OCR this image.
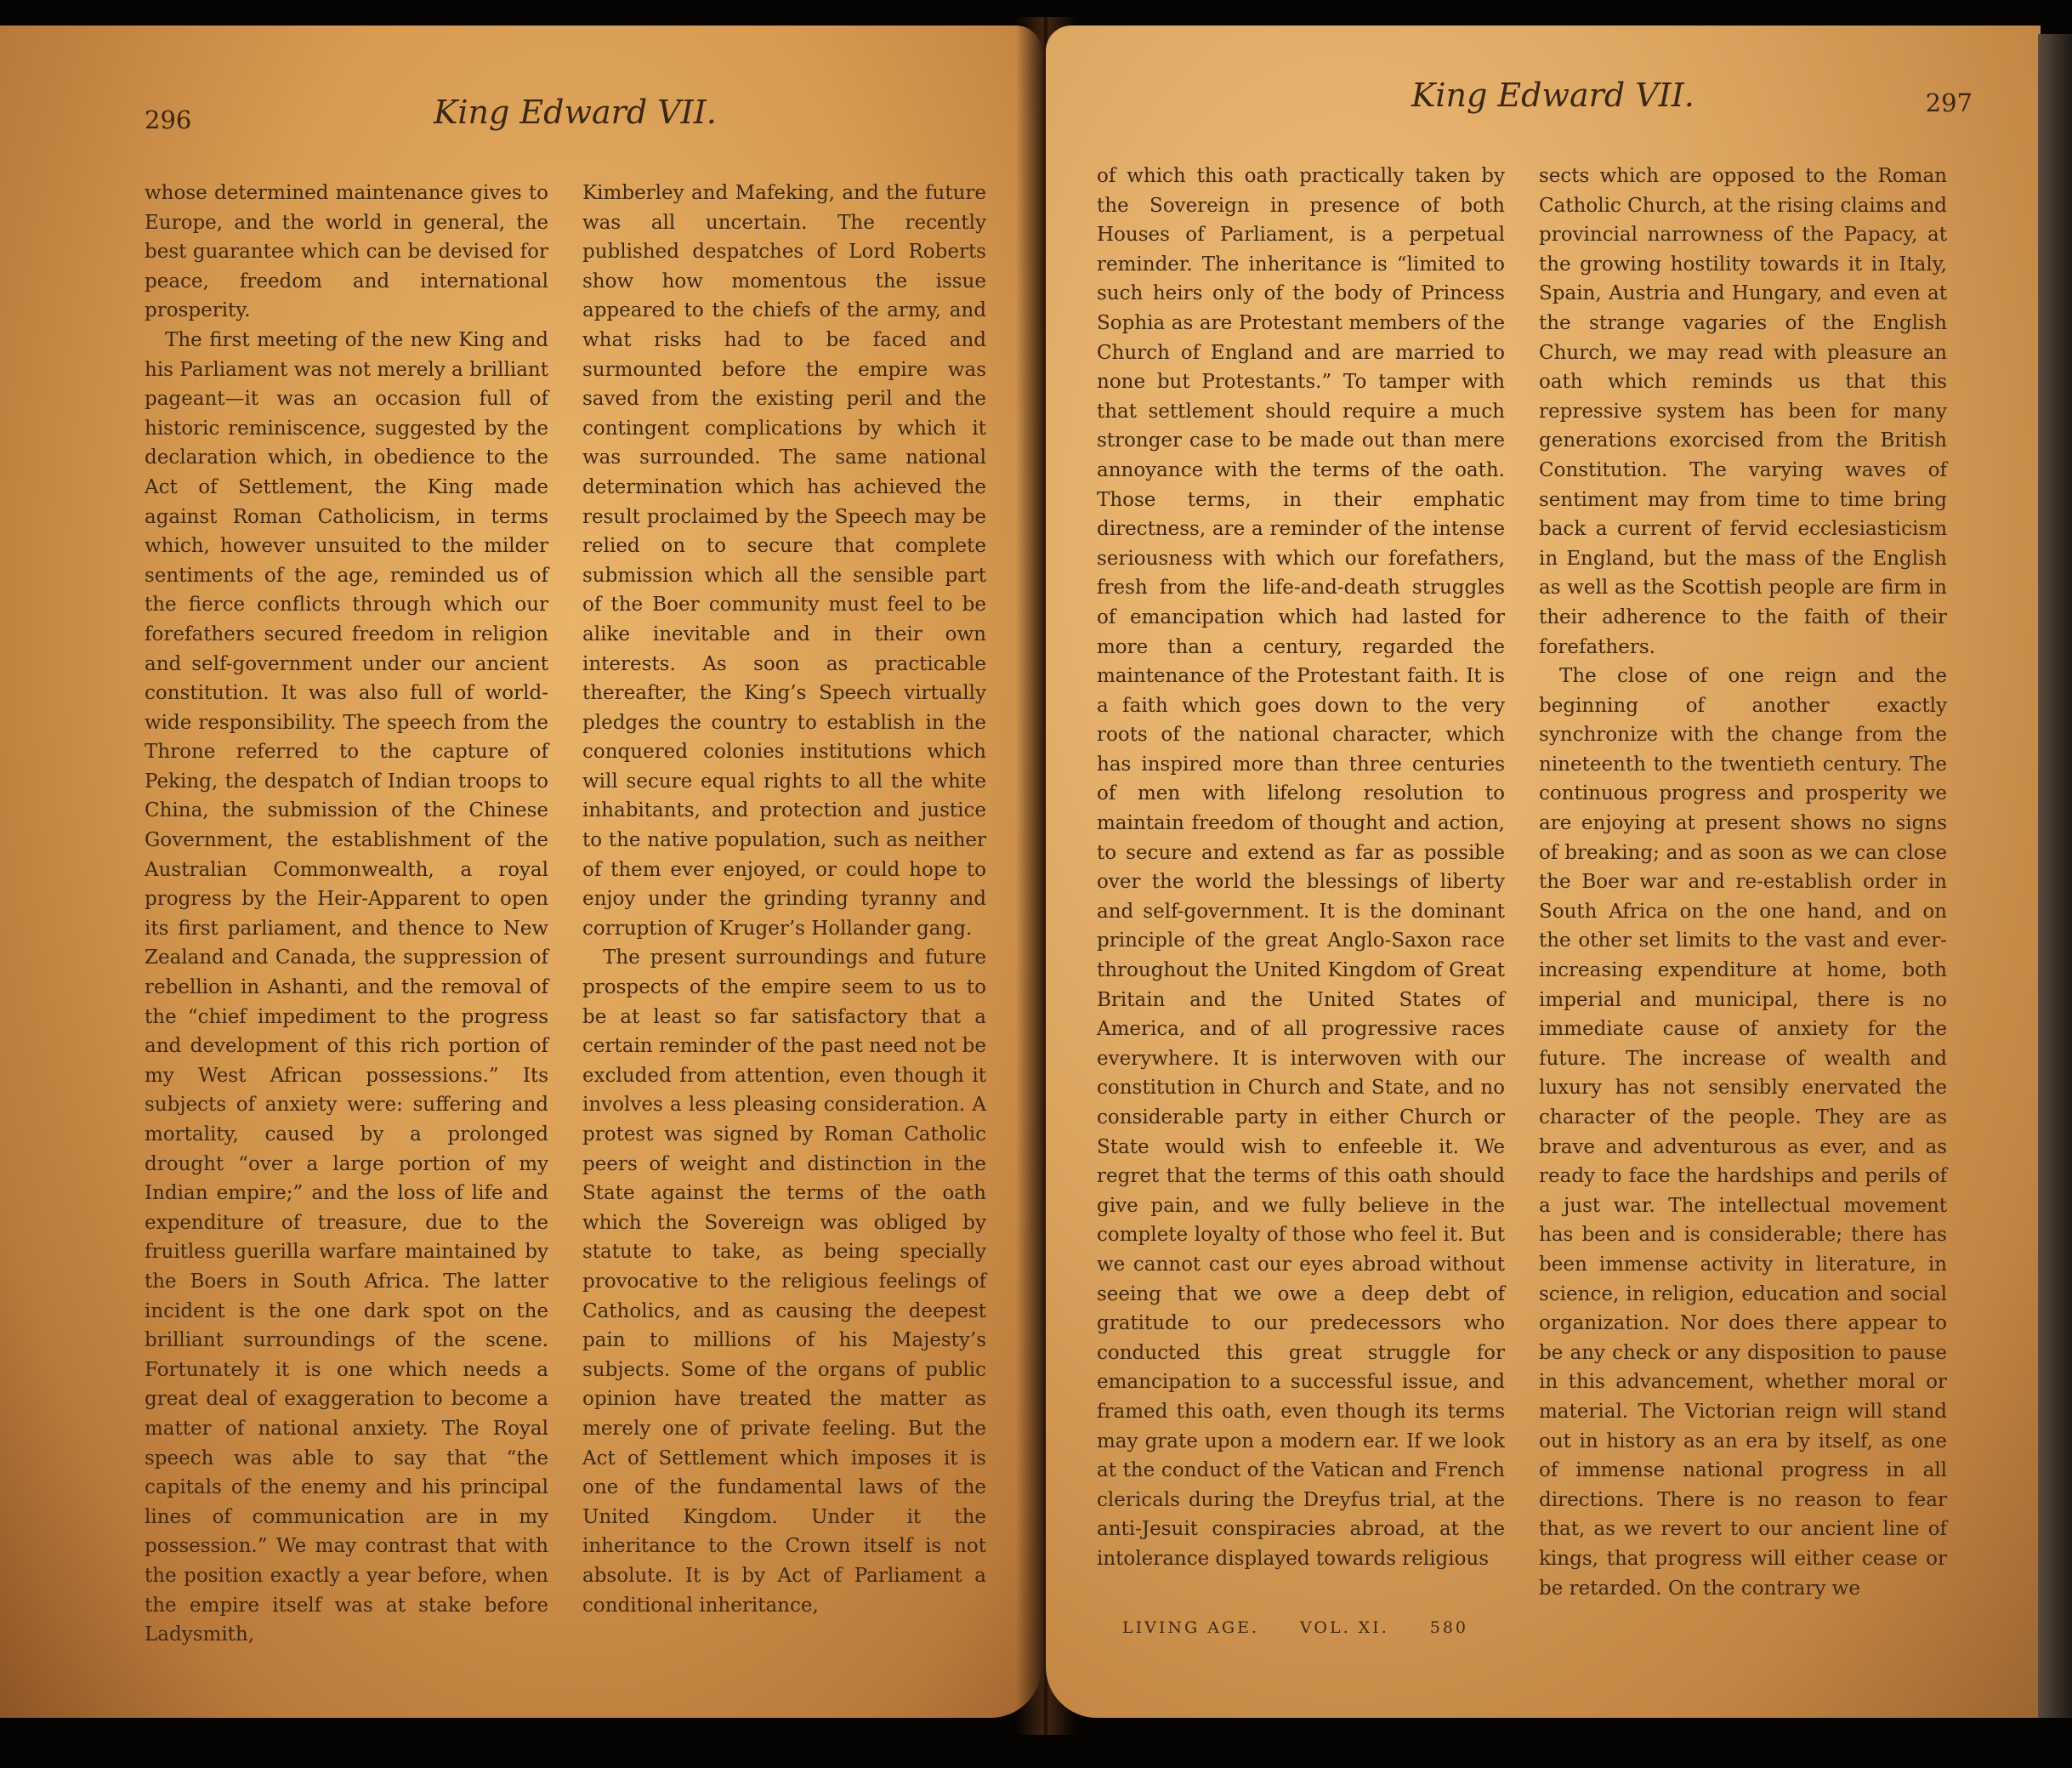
296	King Edward VII.

whose determined maintenance gives to Europe, and the world in general, the best guarantee which can be devised for peace, freedom and international prosperity.

The first meeting of the new King and his Parliament was not merely a brilliant pageant—it was an occasion full of historic reminiscence, suggested by the declaration which, in obedience to the Act of Settlement, the King made against Roman Catholicism, in terms which, however unsuited to the milder sentiments of the age, reminded us of the fierce conflicts through which our forefathers secured freedom in religion and self-government under our ancient constitution. It was also full of world-wide responsibility. The speech from the Throne referred to the capture of Peking, the despatch of Indian troops to China, the submission of the Chinese Government, the establishment of the Australian Commonwealth, a royal progress by the Heir-Apparent to open its first parliament, and thence to New Zealand and Canada, the suppression of rebellion in Ashanti, and the removal of the “chief impediment to the progress and development of this rich portion of my West African possessions.” Its subjects of anxiety were: suffering and mortality, caused by a prolonged drought “over a large portion of my Indian empire;” and the loss of life and expenditure of treasure, due to the fruitless guerilla warfare maintained by the Boers in South Africa. The latter incident is the one dark spot on the brilliant surroundings of the scene. Fortunately it is one which needs a great deal of exaggeration to become a matter of national anxiety. The Royal speech was able to say that “the capitals of the enemy and his principal lines of communication are in my possession.” We may contrast that with the position exactly a year before, when the empire itself was at stake before Ladysmith,

Kimberley and Mafeking, and the future was all uncertain. The recently published despatches of Lord Roberts show how momentous the issue appeared to the chiefs of the army, and what risks had to be faced and surmounted before the empire was saved from the existing peril and the contingent complications by which it was surrounded. The same national determination which has achieved the result proclaimed by the Speech may be relied on to secure that complete submission which all the sensible part of the Boer community must feel to be alike inevitable and in their own interests. As soon as practicable thereafter, the King’s Speech virtually pledges the country to establish in the conquered colonies institutions which will secure equal rights to all the white inhabitants, and protection and justice to the native population, such as neither of them ever enjoyed, or could hope to enjoy under the grinding tyranny and corruption of Kruger’s Hollander gang.

The present surroundings and future prospects of the empire seem to us to be at least so far satisfactory that a certain reminder of the past need not be excluded from attention, even though it involves a less pleasing consideration. A protest was signed by Roman Catholic peers of weight and distinction in the State against the terms of the oath which the Sovereign was obliged by statute to take, as being specially provocative to the religious feelings of Catholics, and as causing the deepest pain to millions of his Majesty’s subjects. Some of the organs of public opinion have treated the matter as merely one of private feeling. But the Act of Settlement which imposes it is one of the fundamental laws of the United Kingdom. Under it the inheritance to the Crown itself is not absolute. It is by Act of Parliament a conditional inheritance,

King Edward VII.	297

of which this oath practically taken by the Sovereign in presence of both Houses of Parliament, is a perpetual reminder. The inheritance is “limited to such heirs only of the body of Princess Sophia as are Protestant members of the Church of England and are married to none but Protestants.” To tamper with that settlement should require a much stronger case to be made out than mere annoyance with the terms of the oath. Those terms, in their emphatic directness, are a reminder of the intense seriousness with which our forefathers, fresh from the life-and-death struggles of emancipation which had lasted for more than a century, regarded the maintenance of the Protestant faith. It is a faith which goes down to the very roots of the national character, which has inspired more than three centuries of men with lifelong resolution to maintain freedom of thought and action, to secure and extend as far as possible over the world the blessings of liberty and self-government. It is the dominant principle of the great Anglo-Saxon race throughout the United Kingdom of Great Britain and the United States of America, and of all progressive races everywhere. It is interwoven with our constitution in Church and State, and no considerable party in either Church or State would wish to enfeeble it. We regret that the terms of this oath should give pain, and we fully believe in the complete loyalty of those who feel it. But we cannot cast our eyes abroad without seeing that we owe a deep debt of gratitude to our predecessors who conducted this great struggle for emancipation to a successful issue, and framed this oath, even though its terms may grate upon a modern ear. If we look at the conduct of the Vatican and French clericals during the Dreyfus trial, at the anti-Jesuit conspiracies abroad, at the intolerance displayed towards religious

sects which are opposed to the Roman Catholic Church, at the rising claims and provincial narrowness of the Papacy, at the growing hostility towards it in Italy, Spain, Austria and Hungary, and even at the strange vagaries of the English Church, we may read with pleasure an oath which reminds us that this repressive system has been for many generations exorcised from the British Constitution. The varying waves of sentiment may from time to time bring back a current of fervid ecclesiasticism in England, but the mass of the English as well as the Scottish people are firm in their adherence to the faith of their forefathers.

The close of one reign and the beginning of another exactly synchronize with the change from the nineteenth to the twentieth century. The continuous progress and prosperity we are enjoying at present shows no signs of breaking; and as soon as we can close the Boer war and re-establish order in South Africa on the one hand, and on the other set limits to the vast and ever-increasing expenditure at home, both imperial and municipal, there is no immediate cause of anxiety for the future. The increase of wealth and luxury has not sensibly enervated the character of the people. They are as brave and adventurous as ever, and as ready to face the hardships and perils of a just war. The intellectual movement has been and is considerable; there has been immense activity in literature, in science, in religion, education and social organization. Nor does there appear to be any check or any disposition to pause in this advancement, whether moral or material. The Victorian reign will stand out in history as an era by itself, as one of immense national progress in all directions. There is no reason to fear that, as we revert to our ancient line of kings, that progress will either cease or be retarded. On the contrary we

LIVING AGE.	VOL. XI.	580
